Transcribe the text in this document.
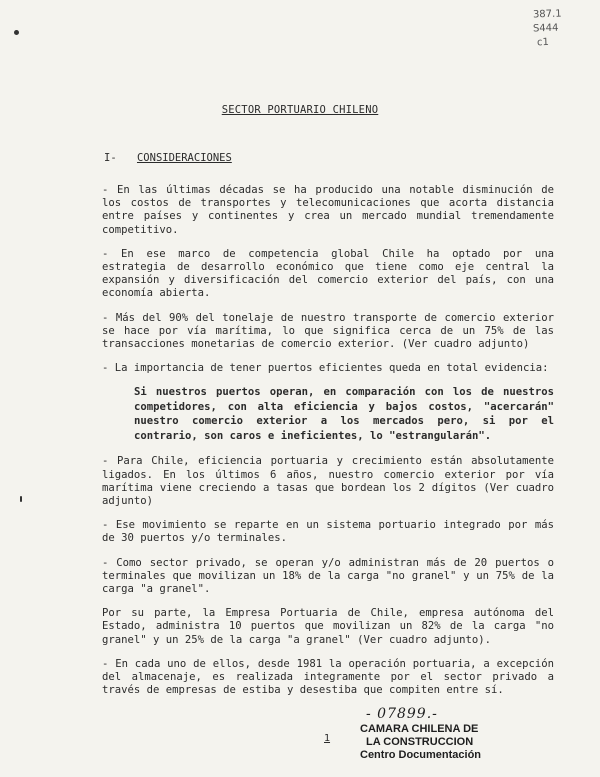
387.1
S444
c1
SECTOR PORTUARIO CHILENO
I- CONSIDERACIONES

- En las últimas décadas se ha producido una notable disminución de los costos de transportes y telecomunicaciones que acorta distancia entre países y continentes y crea un mercado mundial tremendamente competitivo.

- En ese marco de competencia global Chile ha optado por una estrategia de desarrollo económico que tiene como eje central la expansión y diversificación del comercio exterior del país, con una economía abierta.

- Más del 90% del tonelaje de nuestro transporte de comercio exterior se hace por vía marítima, lo que significa cerca de un 75% de las transacciones monetarias de comercio exterior. (Ver cuadro adjunto)

- La importancia de tener puertos eficientes queda en total evidencia:

Si nuestros puertos operan, en comparación con los de nuestros competidores, con alta eficiencia y bajos costos, "acercarán" nuestro comercio exterior a los mercados pero, si por el contrario, son caros e ineficientes, lo "estrangularán".

- Para Chile, eficiencia portuaria y crecimiento están absolutamente ligados. En los últimos 6 años, nuestro comercio exterior por vía marítima viene creciendo a tasas que bordean los 2 dígitos (Ver cuadro adjunto)

- Ese movimiento se reparte en un sistema portuario integrado por más de 30 puertos y/o terminales.

- Como sector privado, se operan y/o administran más de 20 puertos o terminales que movilizan un 18% de la carga "no granel" y un 75% de la carga "a granel".

Por su parte, la Empresa Portuaria de Chile, empresa autónoma del Estado, administra 10 puertos que movilizan un 82% de la carga "no granel" y un 25% de la carga "a granel" (Ver cuadro adjunto).

- En cada uno de ellos, desde 1981 la operación portuaria, a excepción del almacenaje, es realizada integramente por el sector privado a través de empresas de estiba y desestiba que compiten entre sí.

1
- 07899.-
CAMARA CHILENA DE
LA CONSTRUCCION
Centro Documentación
